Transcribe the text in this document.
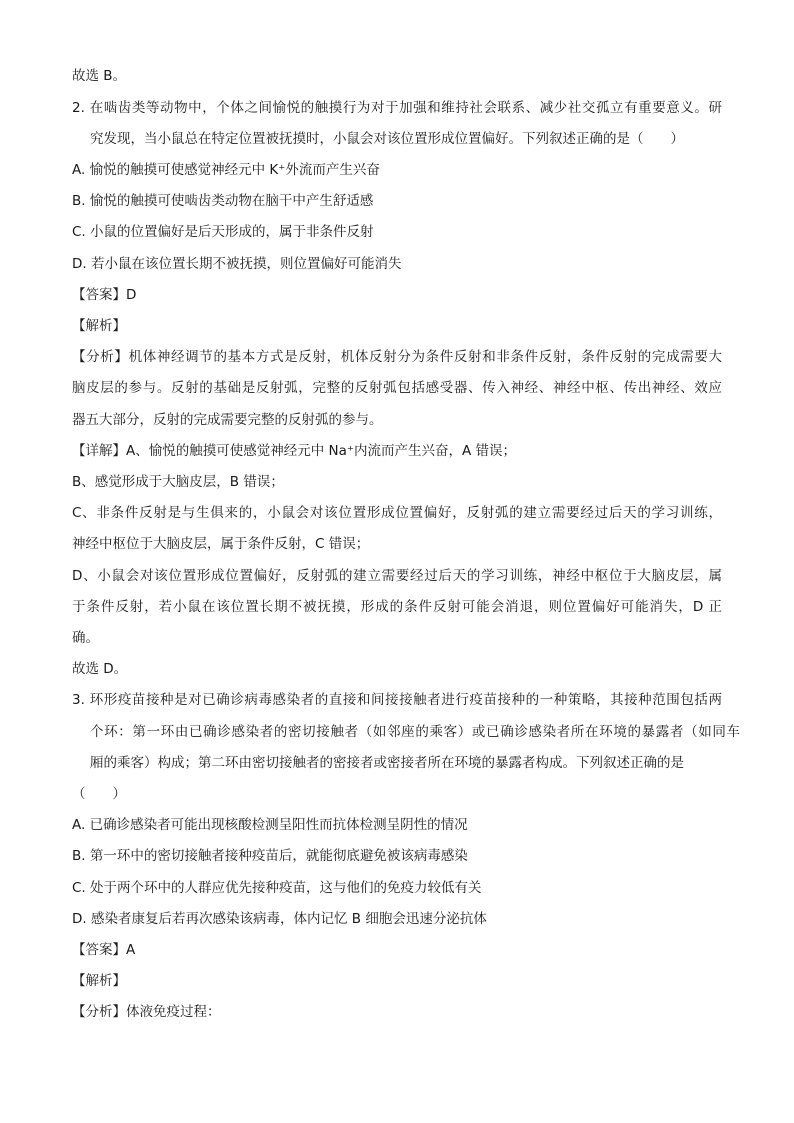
故选 B。
2. 在啮齿类等动物中，个体之间愉悦的触摸行为对于加强和维持社会联系、减少社交孤立有重要意义。研
究发现，当小鼠总在特定位置被抚摸时，小鼠会对该位置形成位置偏好。下列叙述正确的是（　　）
A. 愉悦的触摸可使感觉神经元中 K⁺外流而产生兴奋
B. 愉悦的触摸可使啮齿类动物在脑干中产生舒适感
C. 小鼠的位置偏好是后天形成的，属于非条件反射
D. 若小鼠在该位置长期不被抚摸，则位置偏好可能消失
【答案】D
【解析】
【分析】机体神经调节的基本方式是反射，机体反射分为条件反射和非条件反射，条件反射的完成需要大
脑皮层的参与。反射的基础是反射弧，完整的反射弧包括感受器、传入神经、神经中枢、传出神经、效应
器五大部分，反射的完成需要完整的反射弧的参与。
【详解】A、愉悦的触摸可使感觉神经元中 Na⁺内流而产生兴奋，A 错误；
B、感觉形成于大脑皮层，B 错误；
C、非条件反射是与生俱来的，小鼠会对该位置形成位置偏好，反射弧的建立需要经过后天的学习训练，
神经中枢位于大脑皮层，属于条件反射，C 错误；
D、小鼠会对该位置形成位置偏好，反射弧的建立需要经过后天的学习训练，神经中枢位于大脑皮层，属
于条件反射，若小鼠在该位置长期不被抚摸，形成的条件反射可能会消退，则位置偏好可能消失，D 正
确。
故选 D。
3. 环形疫苗接种是对已确诊病毒感染者的直接和间接接触者进行疫苗接种的一种策略，其接种范围包括两
个环：第一环由已确诊感染者的密切接触者（如邻座的乘客）或已确诊感染者所在环境的暴露者（如同车
厢的乘客）构成；第二环由密切接触者的密接者或密接者所在环境的暴露者构成。下列叙述正确的是
（　　）
A. 已确诊感染者可能出现核酸检测呈阳性而抗体检测呈阴性的情况
B. 第一环中的密切接触者接种疫苗后，就能彻底避免被该病毒感染
C. 处于两个环中的人群应优先接种疫苗，这与他们的免疫力较低有关
D. 感染者康复后若再次感染该病毒，体内记忆 B 细胞会迅速分泌抗体
【答案】A
【解析】
【分析】体液免疫过程：
